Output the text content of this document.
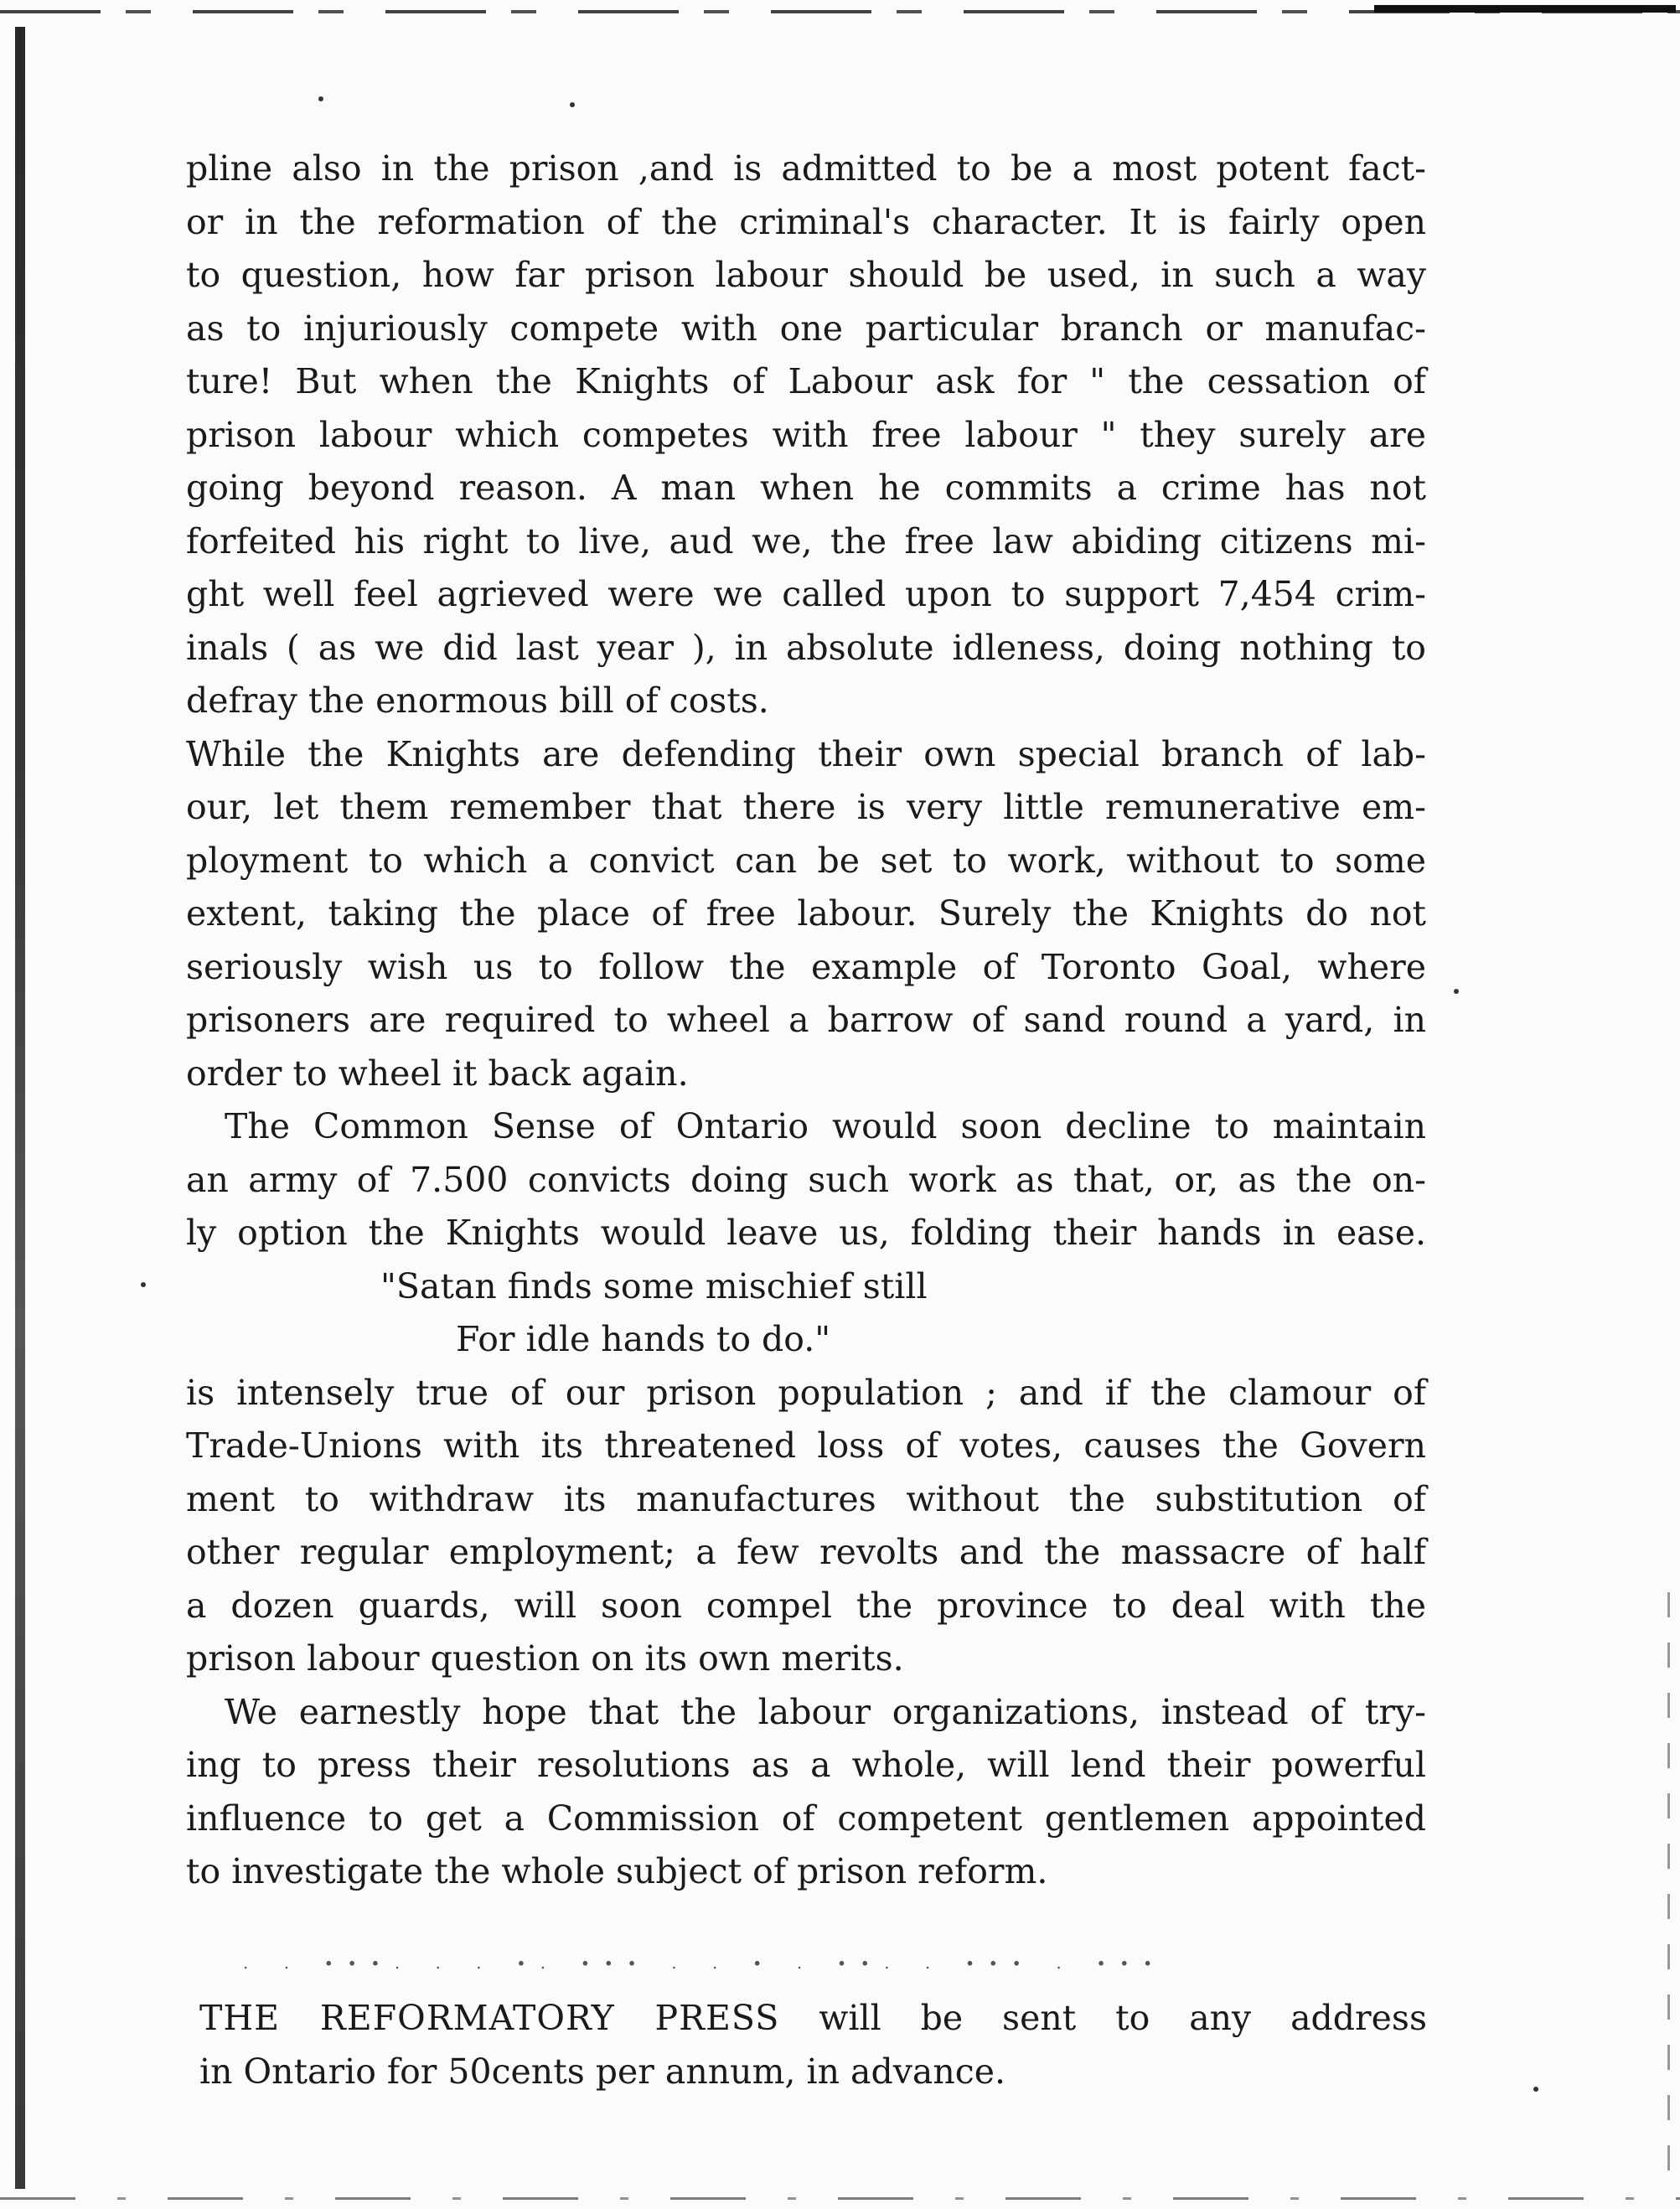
pline also in the prison ,and is admitted to be a most potent fact-
or in the reformation of the criminal's character. It is fairly open
to question, how far prison labour should be used, in such a way
as to injuriously compete with one particular branch or manufac-
ture! But when the Knights of Labour ask for " the cessation of
prison labour which competes with free labour " they surely are
going beyond reason. A man when he commits a crime has not
forfeited his right to live, aud we, the free law abiding citizens mi-
ght well feel agrieved were we called upon to support 7,454 crim-
inals ( as we did last year ), in absolute idleness, doing nothing to
defray the enormous bill of costs.
While the Knights are defending their own special branch of lab-
our, let them remember that there is very little remunerative em-
ployment to which a convict can be set to work, without to some
extent, taking the place of free labour. Surely the Knights do not
seriously wish us to follow the example of Toronto Goal, where
prisoners are required to wheel a barrow of sand round a yard, in
order to wheel it back again.
The Common Sense of Ontario would soon decline to maintain
an army of 7.500 convicts doing such work as that, or, as the on-
ly option the Knights would leave us, folding their hands in ease.
"Satan finds some mischief still
For idle hands to do."
is intensely true of our prison population ; and if the clamour of
Trade-Unions with its threatened loss of votes, causes the Govern
ment to withdraw its manufactures without the substitution of
other regular employment; a few revolts and the massacre of half
a dozen guards, will soon compel the province to deal with the
prison labour question on its own merits.
We earnestly hope that the labour organizations, instead of try-
ing to press their resolutions as a whole, will lend their powerful
influence to get a Commission of competent gentlemen appointed
to investigate the whole subject of prison reform.
. . ∙∙∙. . . ∙. ∙∙∙ . . ∙ . ∙∙. . ∙∙∙ . ∙∙∙
THE REFORMATORY PRESS will be sent to any address
in Ontario for 50cents per annum, in advance.
